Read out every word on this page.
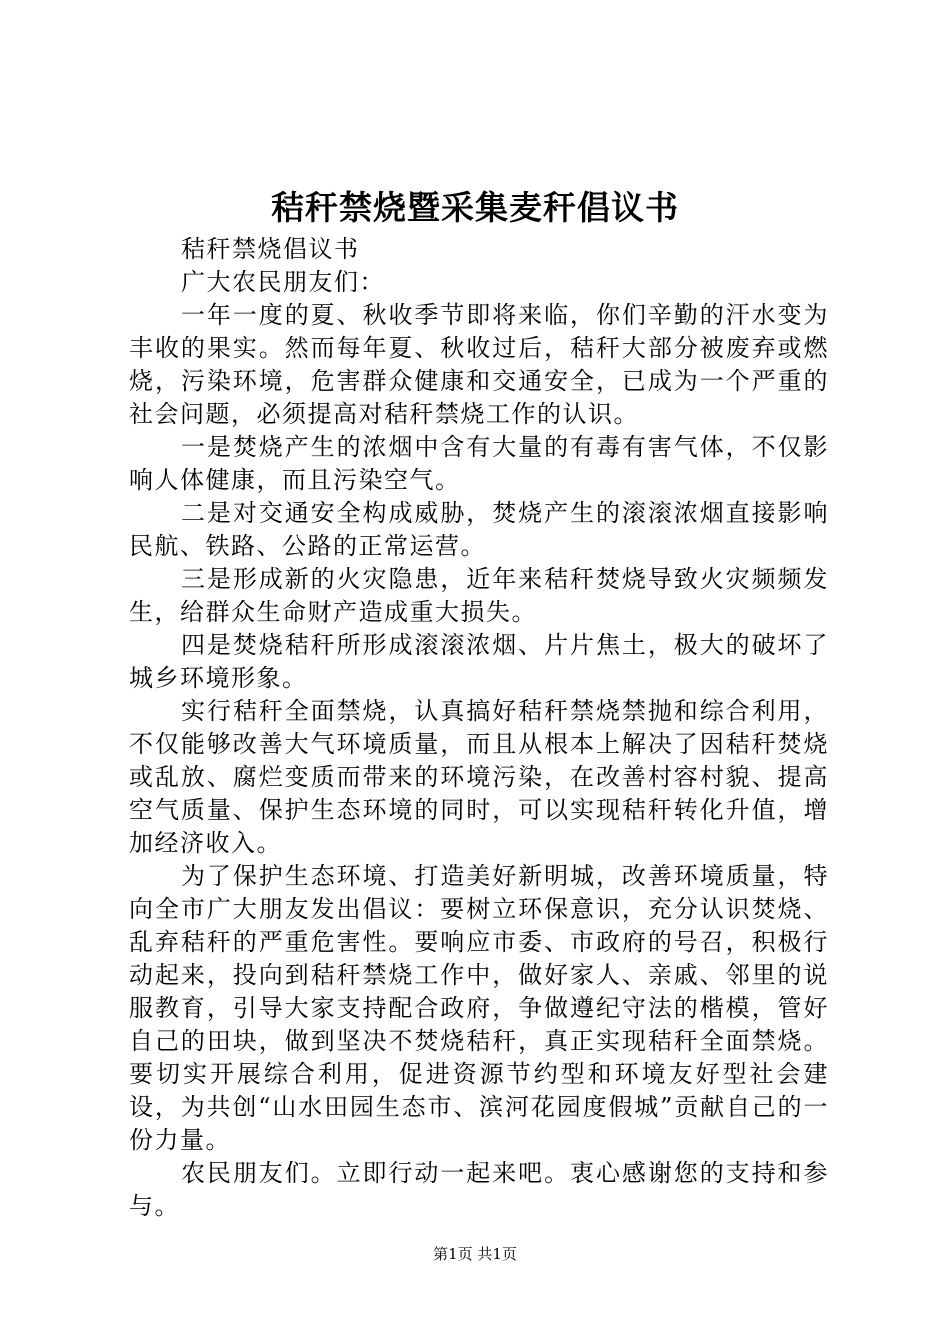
秸秆禁烧暨采集麦秆倡议书

秸秆禁烧倡议书

广大农民朋友们：

一年一度的夏、秋收季节即将来临，你们辛勤的汗水变为丰收的果实。然而每年夏、秋收过后，秸秆大部分被废弃或燃烧，污染环境，危害群众健康和交通安全，已成为一个严重的社会问题，必须提高对秸秆禁烧工作的认识。

一是焚烧产生的浓烟中含有大量的有毒有害气体，不仅影响人体健康，而且污染空气。

二是对交通安全构成威胁，焚烧产生的滚滚浓烟直接影响民航、铁路、公路的正常运营。

三是形成新的火灾隐患，近年来秸秆焚烧导致火灾频频发生，给群众生命财产造成重大损失。

四是焚烧秸秆所形成滚滚浓烟、片片焦土，极大的破坏了城乡环境形象。

实行秸秆全面禁烧，认真搞好秸秆禁烧禁抛和综合利用，不仅能够改善大气环境质量，而且从根本上解决了因秸秆焚烧或乱放、腐烂变质而带来的环境污染，在改善村容村貌、提高空气质量、保护生态环境的同时，可以实现秸秆转化升值，增加经济收入。

为了保护生态环境、打造美好新明城，改善环境质量，特向全市广大朋友发出倡议：要树立环保意识，充分认识焚烧、乱弃秸秆的严重危害性。要响应市委、市政府的号召，积极行动起来，投向到秸秆禁烧工作中，做好家人、亲戚、邻里的说服教育，引导大家支持配合政府，争做遵纪守法的楷模，管好自己的田块，做到坚决不焚烧秸秆，真正实现秸秆全面禁烧。要切实开展综合利用，促进资源节约型和环境友好型社会建设，为共创“山水田园生态市、滨河花园度假城”贡献自己的一份力量。

农民朋友们。立即行动一起来吧。衷心感谢您的支持和参与。

第1页 共1页
